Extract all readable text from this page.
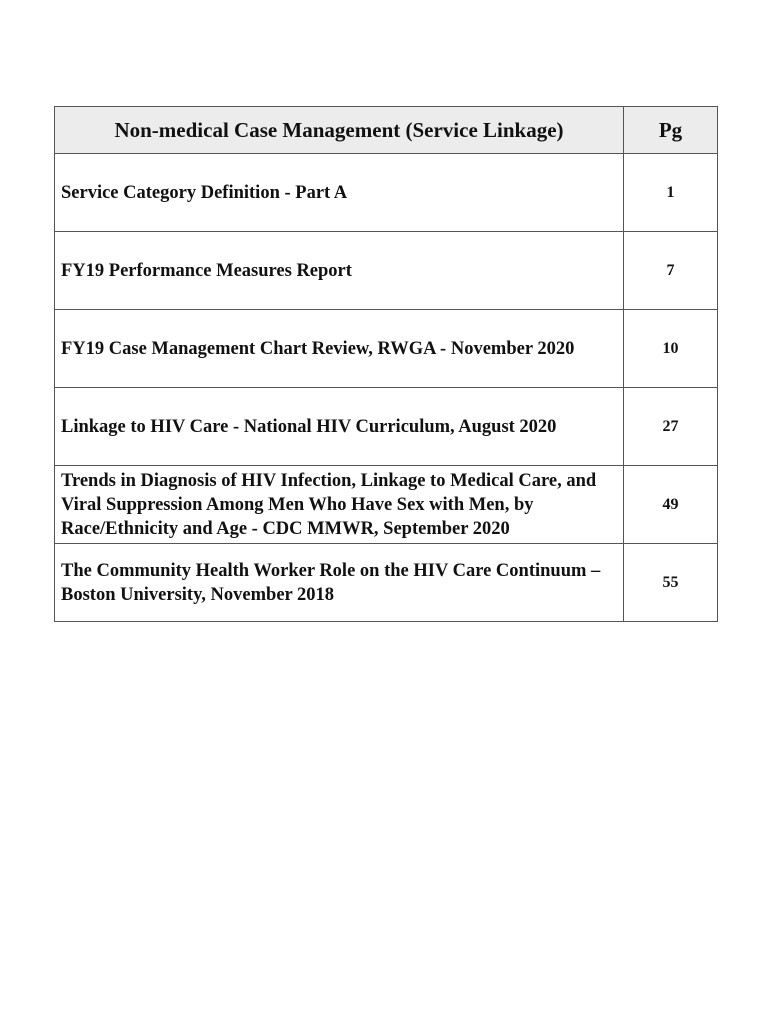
Non-medical Case Management (Service Linkage)	Pg
Service Category Definition - Part A	1
FY19 Performance Measures Report	7
FY19 Case Management Chart Review, RWGA - November 2020	10
Linkage to HIV Care - National HIV Curriculum, August 2020	27
Trends in Diagnosis of HIV Infection, Linkage to Medical Care, and Viral Suppression Among Men Who Have Sex with Men, by Race/Ethnicity and Age - CDC MMWR, September 2020	49
The Community Health Worker Role on the HIV Care Continuum – Boston University, November 2018	55
